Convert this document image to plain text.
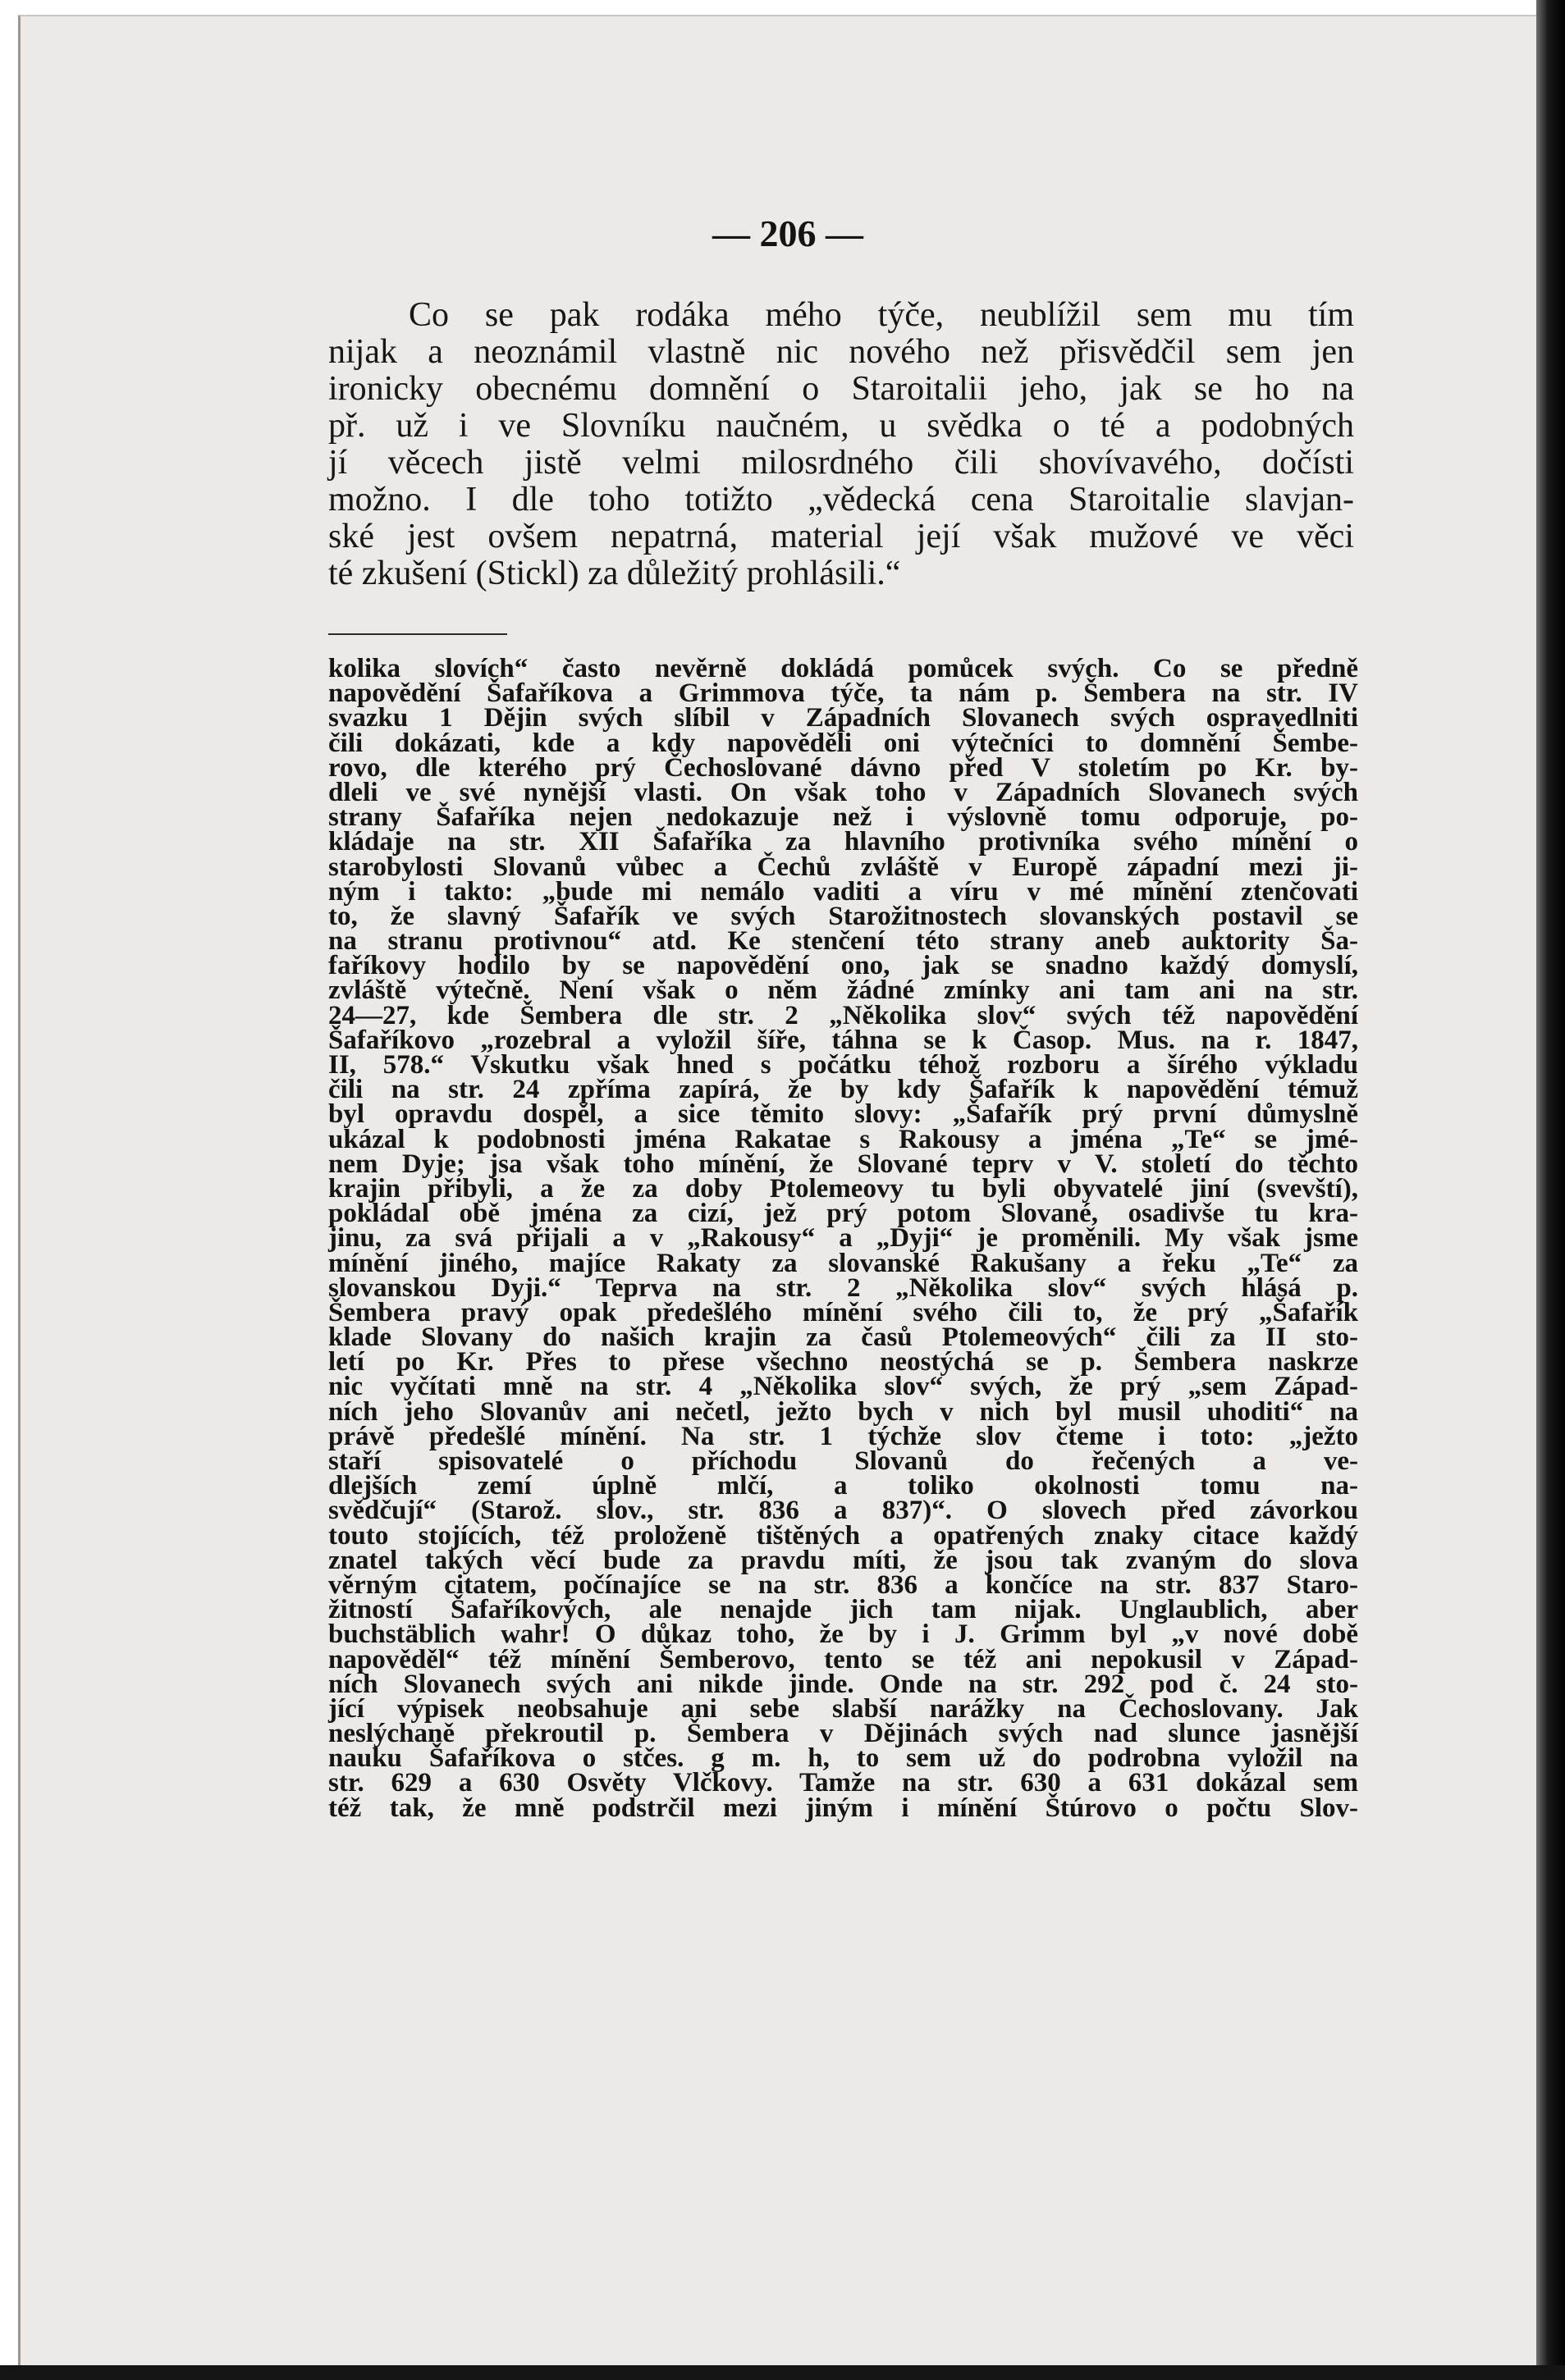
— 206 —
Co se pak rodáka mého týče, neublížil sem mu tím
nijak a neoznámil vlastně nic nového než přisvědčil sem jen
ironicky obecnému domnění o Staroitalii jeho, jak se ho na
př. už i ve Slovníku naučném, u svědka o té a podobných
jí věcech jistě velmi milosrdného čili shovívavého, dočísti
možno. I dle toho totižto „vědecká cena Staroitalie slavjan-
ské jest ovšem nepatrná, material její však mužové ve věci
té zkušení (Stickl) za důležitý prohlásili.“
kolika slovích“ často nevěrně dokládá pomůcek svých. Co se předně
napovědění Šafaříkova a Grimmova týče, ta nám p. Šembera na str. IV
svazku 1 Dějin svých slíbil v Západních Slovanech svých ospravedlniti
čili dokázati, kde a kdy napověděli oni výtečníci to domnění Šembe-
rovo, dle kterého prý Čechoslované dávno před V stoletím po Kr. by-
dleli ve své nynější vlasti. On však toho v Západních Slovanech svých
strany Šafaříka nejen nedokazuje než i výslovně tomu odporuje, po-
kládaje na str. XII Šafaříka za hlavního protivníka svého mínění o
starobylosti Slovanů vůbec a Čechů zvláště v Europě západní mezi ji-
ným i takto: „bude mi nemálo vaditi a víru v mé mínění ztenčovati
to, že slavný Šafařík ve svých Starožitnostech slovanských postavil se
na stranu protivnou“ atd. Ke stenčení této strany aneb auktority Ša-
faříkovy hodilo by se napovědění ono, jak se snadno každý domyslí,
zvláště výtečně. Není však o něm žádné zmínky ani tam ani na str.
24—27, kde Šembera dle str. 2 „Několika slov“ svých též napovědění
Šafaříkovo „rozebral a vyložil šíře, táhna se k Časop. Mus. na r. 1847,
II, 578.“ Vskutku však hned s počátku téhož rozboru a šírého výkladu
čili na str. 24 zpříma zapírá, že by kdy Šafařík k napovědění témuž
byl opravdu dospěl, a sice těmito slovy: „Šafařík prý první důmyslně
ukázal k podobnosti jména Rakatae s Rakousy a jména „Te“ se jmé-
nem Dyje; jsa však toho mínění, že Slované teprv v V. století do těchto
krajin přibyli, a že za doby Ptolemeovy tu byli obyvatelé jiní (svevští),
pokládal obě jména za cizí, jež prý potom Slované, osadivše tu kra-
jinu, za svá přijali a v „Rakousy“ a „Dyji“ je proměnili. My však jsme
mínění jiného, majíce Rakaty za slovanské Rakušany a řeku „Te“ za
slovanskou Dyji.“ Teprva na str. 2 „Několika slov“ svých hlásá p.
Šembera pravý opak předešlého mínění svého čili to, že prý „Šafařík
klade Slovany do našich krajin za časů Ptolemeových“ čili za II sto-
letí po Kr. Přes to přese všechno neostýchá se p. Šembera naskrze
nic vyčítati mně na str. 4 „Několika slov“ svých, že prý „sem Západ-
ních jeho Slovanův ani nečetl, ježto bych v nich byl musil uhoditi“ na
právě předešlé mínění. Na str. 1 týchže slov čteme i toto: „ježto
staří spisovatelé o příchodu Slovanů do řečených a ve-
dlejších zemí úplně mlčí, a toliko okolnosti tomu na-
svědčují“ (Starož. slov., str. 836 a 837)“. O slovech před závorkou
touto stojících, též proloženě tištěných a opatřených znaky citace každý
znatel takých věcí bude za pravdu míti, že jsou tak zvaným do slova
věrným citatem, počínajíce se na str. 836 a končíce na str. 837 Staro-
žitností Šafaříkových, ale nenajde jich tam nijak. Unglaublich, aber
buchstäblich wahr! O důkaz toho, že by i J. Grimm byl „v nové době
napověděl“ též mínění Šemberovo, tento se též ani nepokusil v Západ-
ních Slovanech svých ani nikde jinde. Onde na str. 292 pod č. 24 sto-
jící výpisek neobsahuje ani sebe slabší narážky na Čechoslovany. Jak
neslýchaně překroutil p. Šembera v Dějinách svých nad slunce jasnější
nauku Šafaříkova o stčes. g m. h, to sem už do podrobna vyložil na
str. 629 a 630 Osvěty Vlčkovy. Tamže na str. 630 a 631 dokázal sem
též tak, že mně podstrčil mezi jiným i mínění Štúrovo o počtu Slov-
